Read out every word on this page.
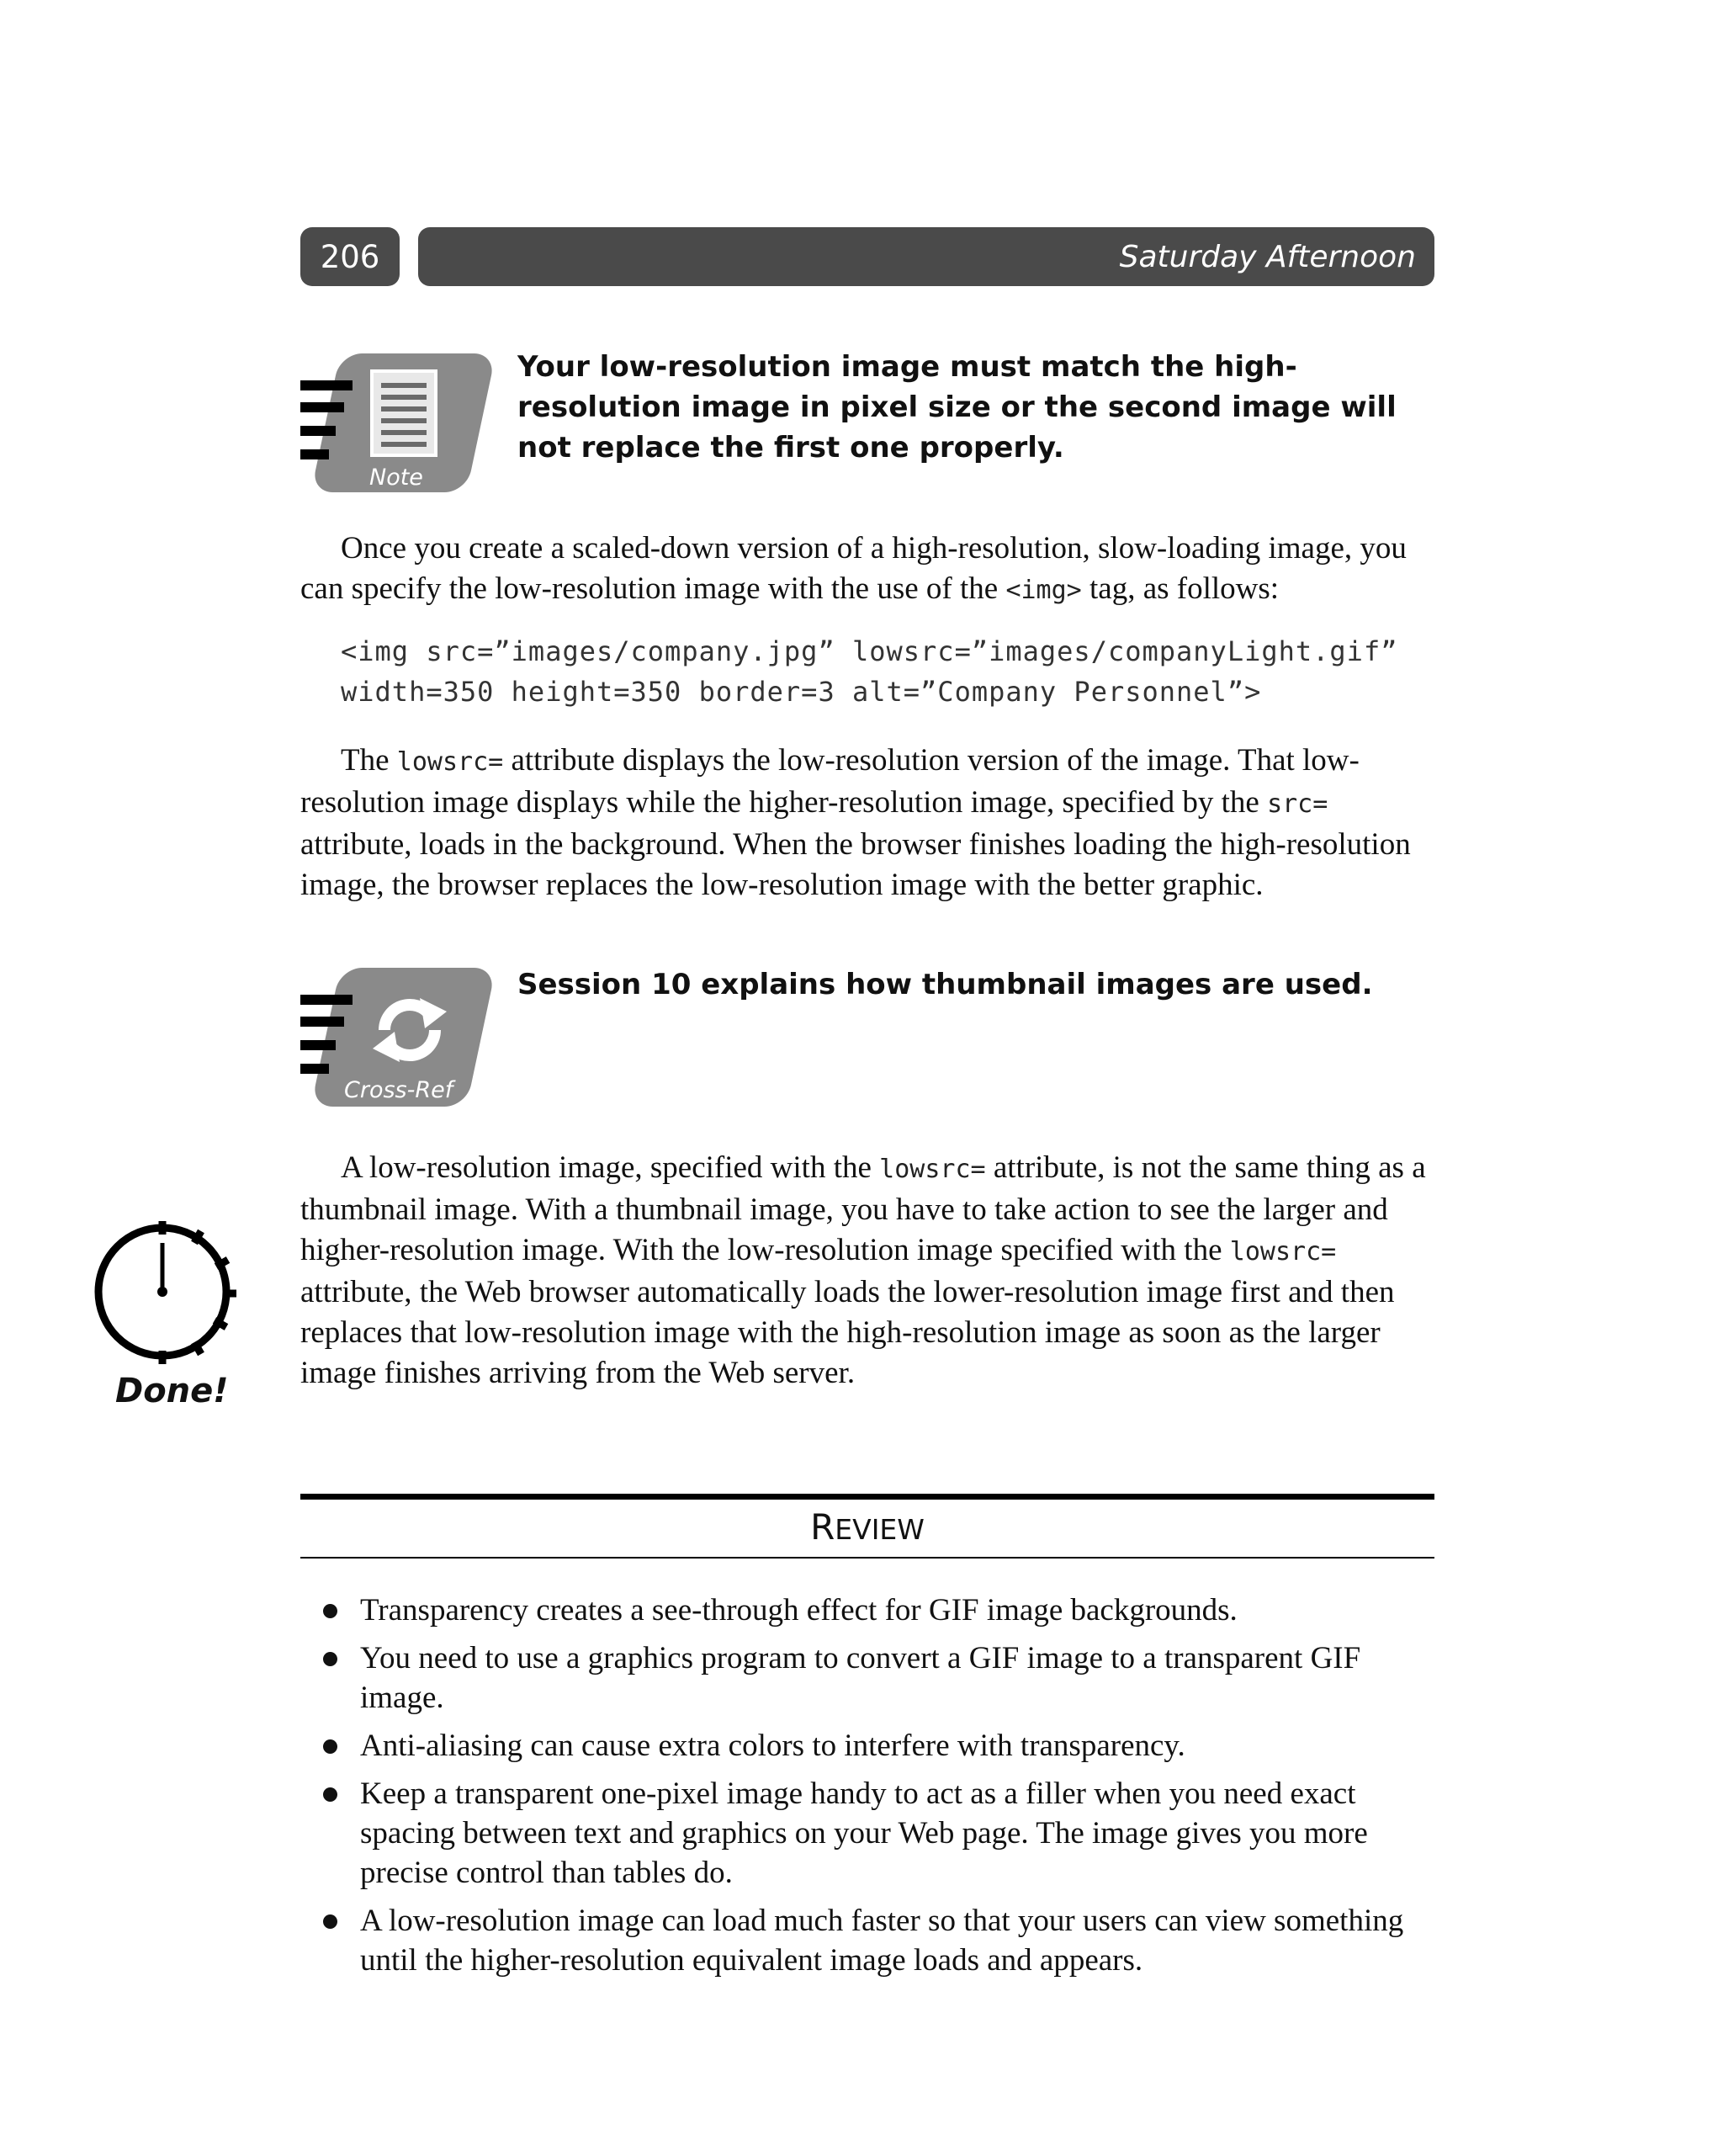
206	Saturday Afternoon
Note
Your low-resolution image must match the high-resolution image in pixel size or the second image will not replace the first one properly.
Once you create a scaled-down version of a high-resolution, slow-loading image, you can specify the low-resolution image with the use of the <img> tag, as follows:
<img src=”images/company.jpg” lowsrc=”images/companyLight.gif”
width=350 height=350 border=3 alt=”Company Personnel”>
The lowsrc= attribute displays the low-resolution version of the image. That low-resolution image displays while the higher-resolution image, specified by the src= attribute, loads in the background. When the browser finishes loading the high-resolution image, the browser replaces the low-resolution image with the better graphic.
Cross-Ref
Session 10 explains how thumbnail images are used.
A low-resolution image, specified with the lowsrc= attribute, is not the same thing as a thumbnail image. With a thumbnail image, you have to take action to see the larger and higher-resolution image. With the low-resolution image specified with the lowsrc= attribute, the Web browser automatically loads the lower-resolution image first and then replaces that low-resolution image with the high-resolution image as soon as the larger image finishes arriving from the Web server.
Done!
REVIEW
Transparency creates a see-through effect for GIF image backgrounds.
You need to use a graphics program to convert a GIF image to a transparent GIF image.
Anti-aliasing can cause extra colors to interfere with transparency.
Keep a transparent one-pixel image handy to act as a filler when you need exact spacing between text and graphics on your Web page. The image gives you more precise control than tables do.
A low-resolution image can load much faster so that your users can view something until the higher-resolution equivalent image loads and appears.
